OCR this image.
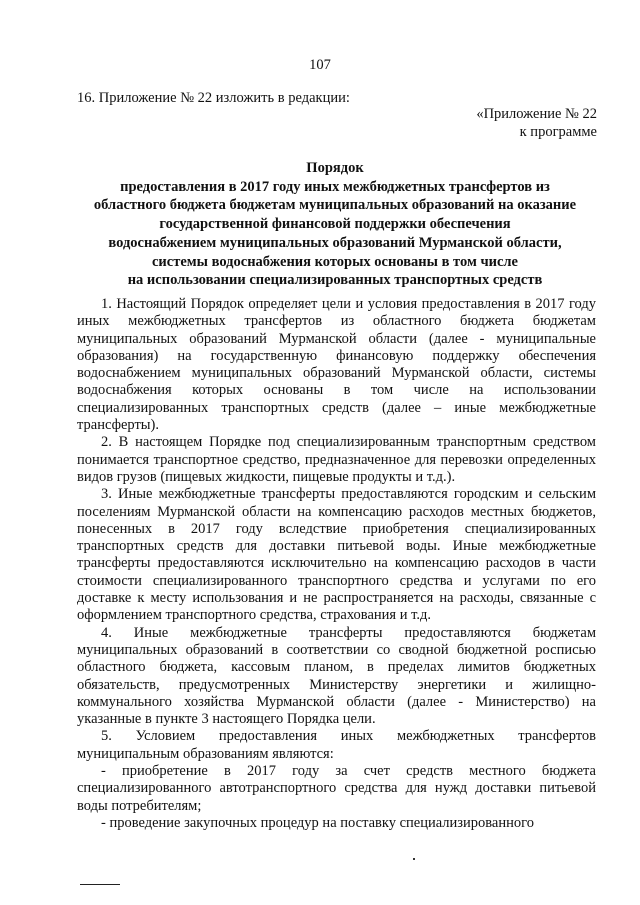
107
16. Приложение № 22 изложить в редакции:
«Приложение № 22
к программе
Порядок
предоставления в 2017 году иных межбюджетных трансфертов из
областного бюджета бюджетам муниципальных образований на оказание
государственной финансовой поддержки обеспечения
водоснабжением муниципальных образований Мурманской области,
системы водоснабжения которых основаны в том числе
на использовании специализированных транспортных средств

1. Настоящий Порядок определяет цели и условия предоставления в 2017 году иных межбюджетных трансфертов из областного бюджета бюджетам муниципальных образований Мурманской области (далее - муниципальные образования) на государственную финансовую поддержку обеспечения водоснабжением муниципальных образований Мурманской области, системы водоснабжения которых основаны в том числе на использовании специализированных транспортных средств (далее – иные межбюджетные трансферты).

2. В настоящем Порядке под специализированным транспортным средством понимается транспортное средство, предназначенное для перевозки определенных видов грузов (пищевых жидкости, пищевые продукты и т.д.).

3. Иные межбюджетные трансферты предоставляются городским и сельским поселениям Мурманской области на компенсацию расходов местных бюджетов, понесенных в 2017 году вследствие приобретения специализированных транспортных средств для доставки питьевой воды. Иные межбюджетные трансферты предоставляются исключительно на компенсацию расходов в части стоимости специализированного транспортного средства и услугами по его доставке к месту использования и не распространяется на расходы, связанные с оформлением транспортного средства, страхования и т.д.

4. Иные межбюджетные трансферты предоставляются бюджетам муниципальных образований в соответствии со сводной бюджетной росписью областного бюджета, кассовым планом, в пределах лимитов бюджетных обязательств, предусмотренных Министерству энергетики и жилищно-коммунального хозяйства Мурманской области (далее - Министерство) на указанные в пункте 3 настоящего Порядка цели.

5. Условием предоставления иных межбюджетных трансфертов муниципальным образованиям являются:

- приобретение в 2017 году за счет средств местного бюджета специализированного автотранспортного средства для нужд доставки питьевой воды потребителям;

- проведение закупочных процедур на поставку специализированного
